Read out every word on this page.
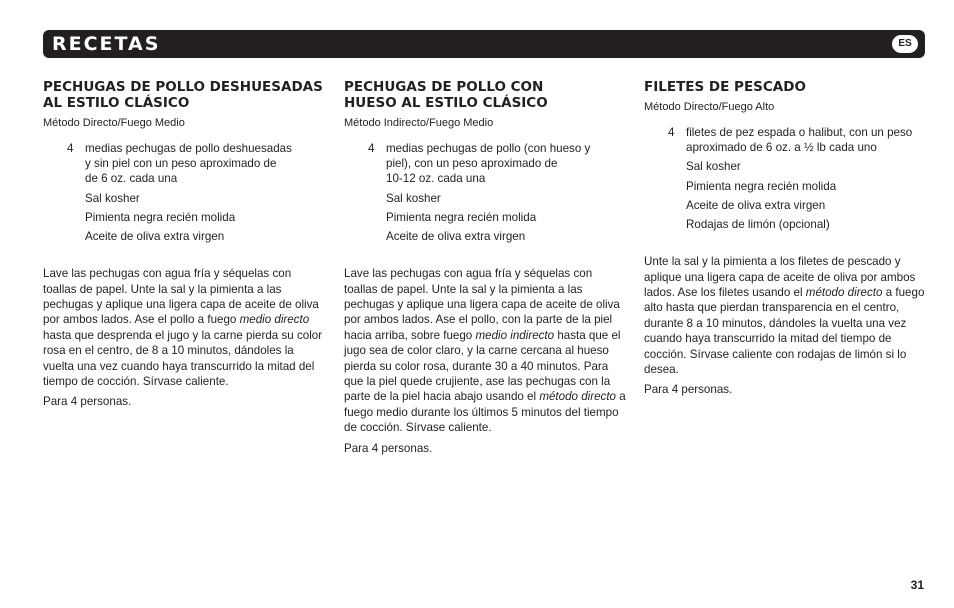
RECETAS	ES
PECHUGAS DE POLLO DESHUESADAS
AL ESTILO CLÁSICO

Método Directo/Fuego Medio

4 medias pechugas de pollo deshuesadas
y sin piel con un peso aproximado de
de 6 oz. cada una
Sal kosher
Pimienta negra recién molida
Aceite de oliva extra virgen

Lave las pechugas con agua fría y séquelas con toallas de papel. Unte la sal y la pimienta a las pechugas y aplique una ligera capa de aceite de oliva por ambos lados. Ase el pollo a fuego medio directo hasta que desprenda el jugo y la carne pierda su color rosa en el centro, de 8 a 10 minutos, dándoles la vuelta una vez cuando haya transcurrido la mitad del tiempo de cocción. Sírvase caliente.

Para 4 personas.

PECHUGAS DE POLLO CON
HUESO AL ESTILO CLÁSICO

Método Indirecto/Fuego Medio

4 medias pechugas de pollo (con hueso y
piel), con un peso aproximado de
10-12 oz. cada una
Sal kosher
Pimienta negra recién molida
Aceite de oliva extra virgen

Lave las pechugas con agua fría y séquelas con toallas de papel. Unte la sal y la pimienta a las pechugas y aplique una ligera capa de aceite de oliva por ambos lados. Ase el pollo, con la parte de la piel hacia arriba, sobre fuego medio indirecto hasta que el jugo sea de color claro, y la carne cercana al hueso pierda su color rosa, durante 30 a 40 minutos. Para que la piel quede crujiente, ase las pechugas con la parte de la piel hacia abajo usando el método directo a fuego medio durante los últimos 5 minutos del tiempo de cocción. Sírvase caliente.

Para 4 personas.

FILETES DE PESCADO

Método Directo/Fuego Alto

4 filetes de pez espada o halibut, con un peso
aproximado de 6 oz. a ½ lb cada uno
Sal kosher
Pimienta negra recién molida
Aceite de oliva extra virgen
Rodajas de limón (opcional)

Unte la sal y la pimienta a los filetes de pescado y aplique una ligera capa de aceite de oliva por ambos lados. Ase los filetes usando el método directo a fuego alto hasta que pierdan transparencia en el centro, durante 8 a 10 minutos, dándoles la vuelta una vez cuando haya transcurrido la mitad del tiempo de cocción. Sírvase caliente con rodajas de limón si lo desea.

Para 4 personas.

31
